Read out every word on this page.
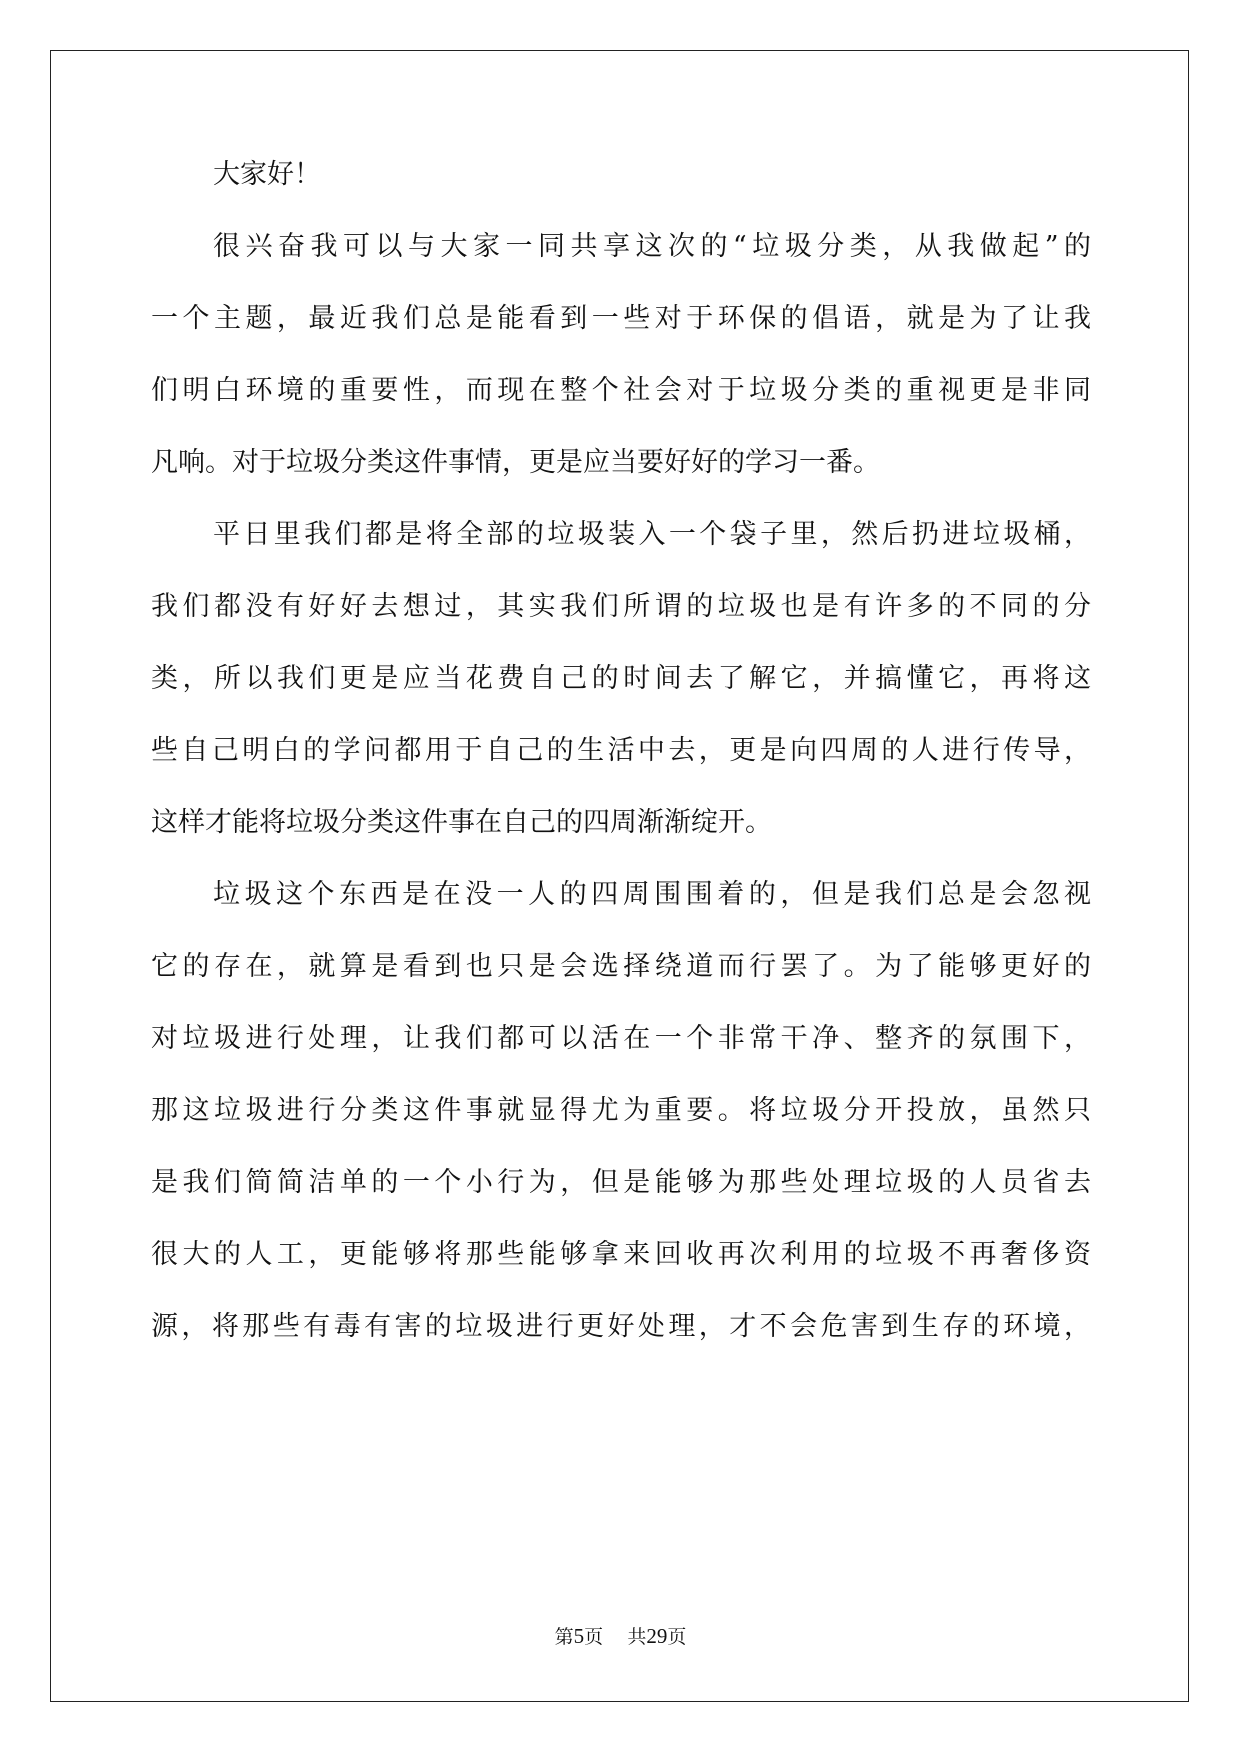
大家好！
很兴奋我可以与大家一同共享这次的“垃圾分类，从我做起”的
一个主题，最近我们总是能看到一些对于环保的倡语，就是为了让我
们明白环境的重要性，而现在整个社会对于垃圾分类的重视更是非同
凡响。对于垃圾分类这件事情，更是应当要好好的学习一番。
平日里我们都是将全部的垃圾装入一个袋子里，然后扔进垃圾桶，
我们都没有好好去想过，其实我们所谓的垃圾也是有许多的不同的分
类，所以我们更是应当花费自己的时间去了解它，并搞懂它，再将这
些自己明白的学问都用于自己的生活中去，更是向四周的人进行传导，
这样才能将垃圾分类这件事在自己的四周渐渐绽开。
垃圾这个东西是在没一人的四周围围着的，但是我们总是会忽视
它的存在，就算是看到也只是会选择绕道而行罢了。为了能够更好的
对垃圾进行处理，让我们都可以活在一个非常干净、整齐的氛围下，
那这垃圾进行分类这件事就显得尤为重要。将垃圾分开投放，虽然只
是我们简简洁单的一个小行为，但是能够为那些处理垃圾的人员省去
很大的人工，更能够将那些能够拿来回收再次利用的垃圾不再奢侈资
源，将那些有毒有害的垃圾进行更好处理，才不会危害到生存的环境，
第5页 共29页
